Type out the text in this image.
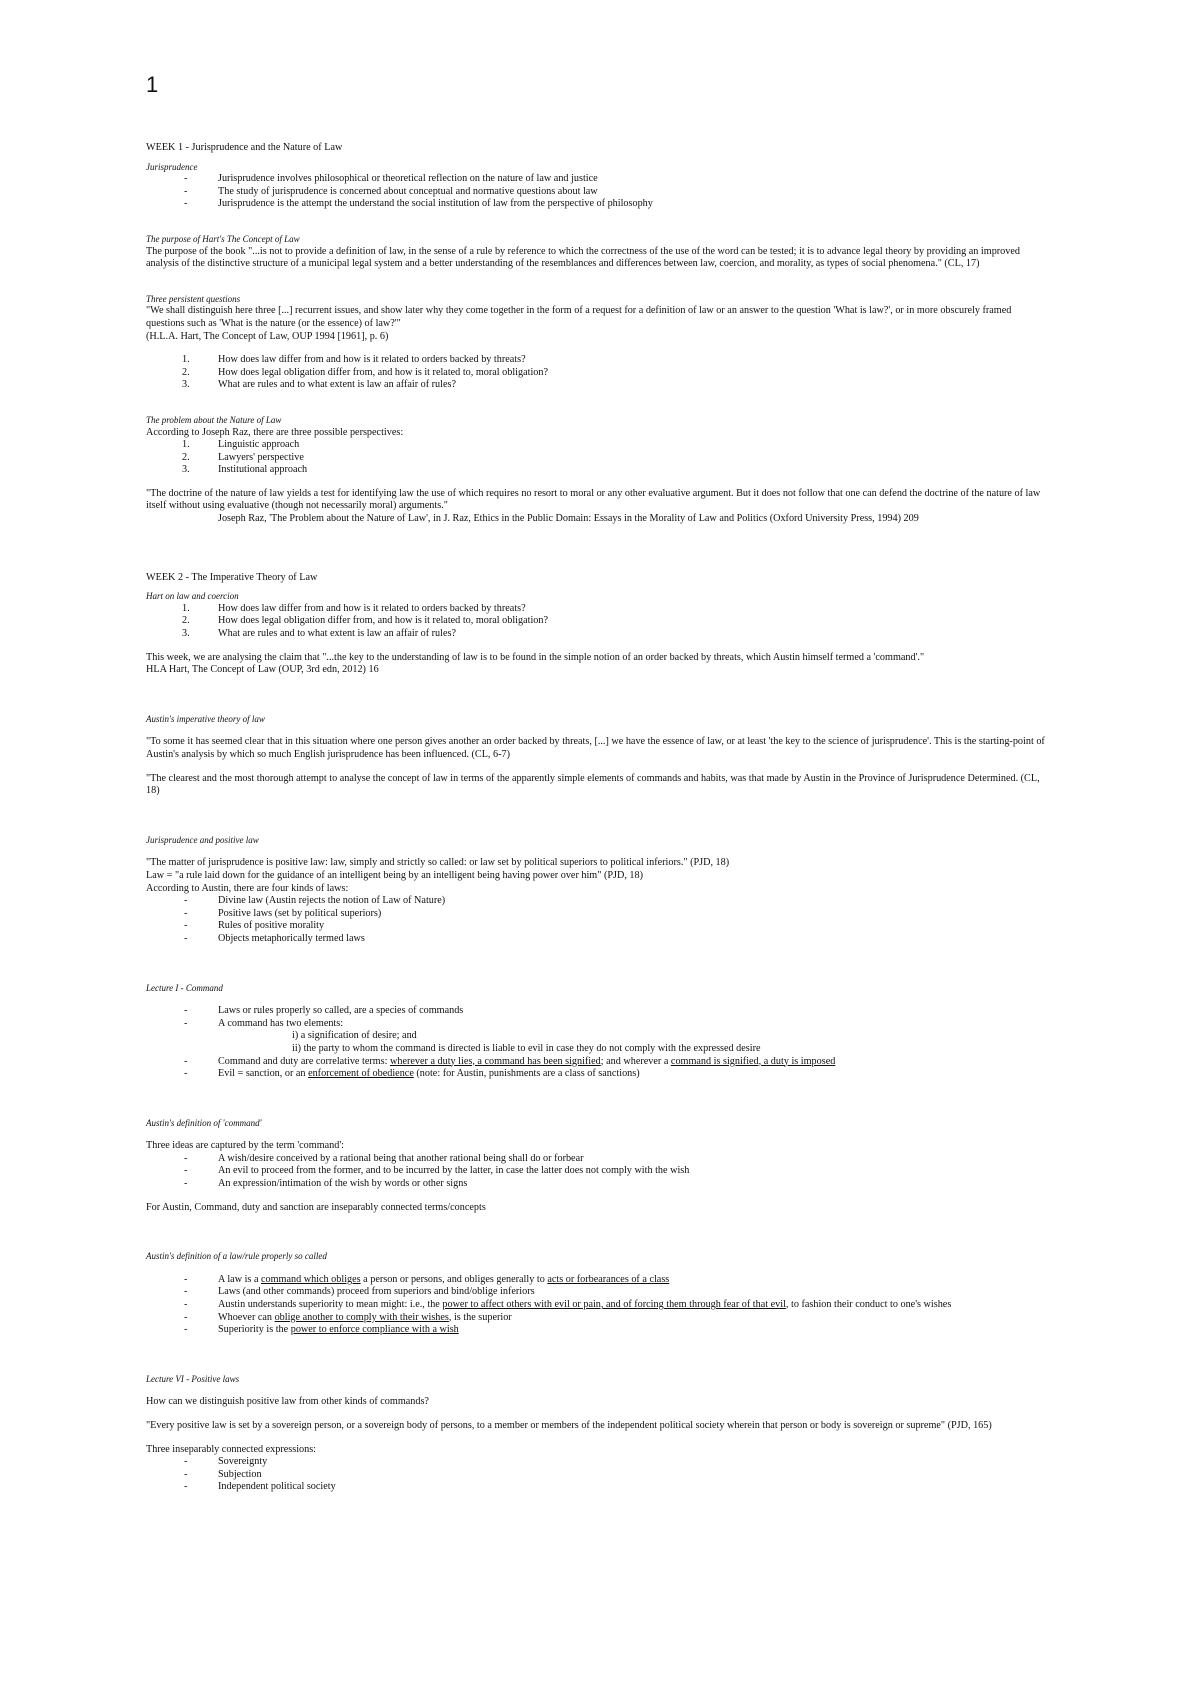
1

WEEK 1 - Jurisprudence and the Nature of Law

Jurisprudence

- Jurisprudence involves philosophical or theoretical reflection on the nature of law and justice
- The study of jurisprudence is concerned about conceptual and normative questions about law
- Jurisprudence is the attempt the understand the social institution of law from the perspective of philosophy

The purpose of Hart's The Concept of Law

The purpose of the book "...is not to provide a definition of law, in the sense of a rule by reference to which the correctness of the use of the word can be tested; it is to advance legal theory by providing an improved analysis of the distinctive structure of a municipal legal system and a better understanding of the resemblances and differences between law, coercion, and morality, as types of social phenomena." (CL, 17)

Three persistent questions

"We shall distinguish here three [...] recurrent issues, and show later why they come together in the form of a request for a definition of law or an answer to the question 'What is law?', or in more obscurely framed questions such as 'What is the nature (or the essence) of law?'"

(H.L.A. Hart, The Concept of Law, OUP 1994 [1961], p. 6)

1.	How does law differ from and how is it related to orders backed by threats?
2.	How does legal obligation differ from, and how is it related to, moral obligation?
3.	What are rules and to what extent is law an affair of rules?

The problem about the Nature of Law

According to Joseph Raz, there are three possible perspectives:

1.	Linguistic approach
2.	Lawyers' perspective
3.	Institutional approach

"The doctrine of the nature of law yields a test for identifying law the use of which requires no resort to moral or any other evaluative argument. But it does not follow that one can defend the doctrine of the nature of law itself without using evaluative (though not necessarily moral) arguments."

Joseph Raz, 'The Problem about the Nature of Law', in J. Raz, Ethics in the Public Domain: Essays in the Morality of Law and Politics (Oxford University Press, 1994) 209

WEEK 2 - The Imperative Theory of Law

Hart on law and coercion

1.	How does law differ from and how is it related to orders backed by threats?
2.	How does legal obligation differ from, and how is it related to, moral obligation?
3.	What are rules and to what extent is law an affair of rules?

This week, we are analysing the claim that "...the key to the understanding of law is to be found in the simple notion of an order backed by threats, which Austin himself termed a 'command'."

HLA Hart, The Concept of Law (OUP, 3rd edn, 2012) 16

Austin's imperative theory of law

"To some it has seemed clear that in this situation where one person gives another an order backed by threats, [...] we have the essence of law, or at least 'the key to the science of jurisprudence'. This is the starting-point of Austin's analysis by which so much English jurisprudence has been influenced. (CL, 6-7)

"The clearest and the most thorough attempt to analyse the concept of law in terms of the apparently simple elements of commands and habits, was that made by Austin in the Province of Jurisprudence Determined. (CL, 18)

Jurisprudence and positive law

"The matter of jurisprudence is positive law: law, simply and strictly so called: or law set by political superiors to political inferiors." (PJD, 18)

Law = "a rule laid down for the guidance of an intelligent being by an intelligent being having power over him" (PJD, 18)

According to Austin, there are four kinds of laws:

- Divine law (Austin rejects the notion of Law of Nature)
- Positive laws (set by political superiors)
- Rules of positive morality
- Objects metaphorically termed laws

Lecture I - Command

- Laws or rules properly so called, are a species of commands
- A command has two elements:

i) a signification of desire; and

ii) the party to whom the command is directed is liable to evil in case they do not comply with the expressed desire

- Command and duty are correlative terms: wherever a duty lies, a command has been signified; and wherever a command is signified, a duty is imposed
- Evil = sanction, or an enforcement of obedience (note: for Austin, punishments are a class of sanctions)

Austin's definition of 'command'

Three ideas are captured by the term 'command':

- A wish/desire conceived by a rational being that another rational being shall do or forbear
- An evil to proceed from the former, and to be incurred by the latter, in case the latter does not comply with the wish
- An expression/intimation of the wish by words or other signs

For Austin, Command, duty and sanction are inseparably connected terms/concepts

Austin's definition of a law/rule properly so called

- A law is a command which obliges a person or persons, and obliges generally to acts or forbearances of a class
- Laws (and other commands) proceed from superiors and bind/oblige inferiors
- Austin understands superiority to mean might: i.e., the power to affect others with evil or pain, and of forcing them through fear of that evil, to fashion their conduct to one's wishes
- Whoever can oblige another to comply with their wishes, is the superior
- Superiority is the power to enforce compliance with a wish

Lecture VI - Positive laws

How can we distinguish positive law from other kinds of commands?

"Every positive law is set by a sovereign person, or a sovereign body of persons, to a member or members of the independent political society wherein that person or body is sovereign or supreme" (PJD, 165)

Three inseparably connected expressions:

- Sovereignty
- Subjection
- Independent political society
